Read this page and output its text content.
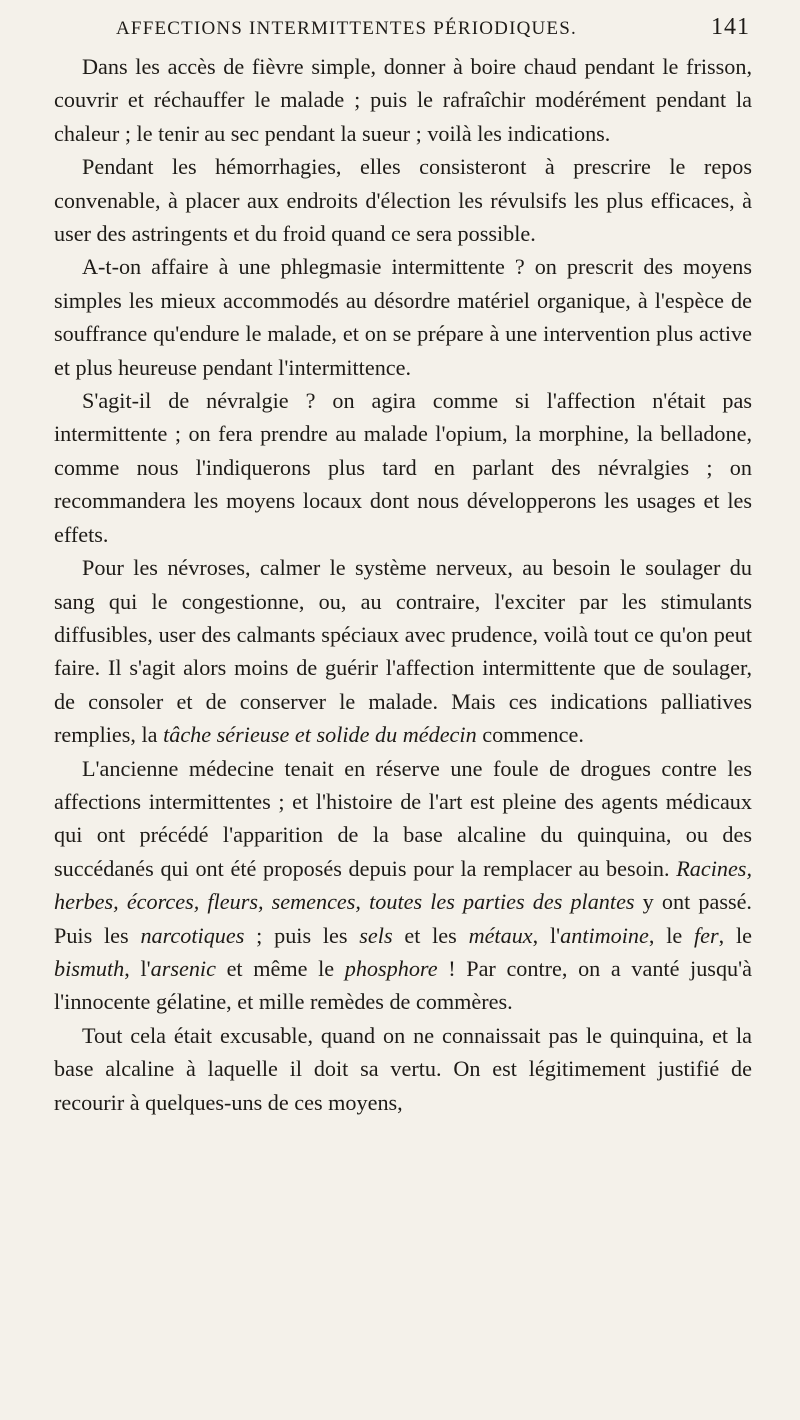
AFFECTIONS INTERMITTENTES PÉRIODIQUES.	141

Dans les accès de fièvre simple, donner à boire chaud pendant le frisson, couvrir et réchauffer le malade ; puis le rafraîchir modérément pendant la chaleur ; le tenir au sec pendant la sueur ; voilà les indications.

Pendant les hémorrhagies, elles consisteront à prescrire le repos convenable, à placer aux endroits d'élection les révulsifs les plus efficaces, à user des astringents et du froid quand ce sera possible.

A-t-on affaire à une phlegmasie intermittente ? on prescrit des moyens simples les mieux accommodés au désordre matériel organique, à l'espèce de souffrance qu'endure le malade, et on se prépare à une intervention plus active et plus heureuse pendant l'intermittence.

S'agit-il de névralgie ? on agira comme si l'affection n'était pas intermittente ; on fera prendre au malade l'opium, la morphine, la belladone, comme nous l'indiquerons plus tard en parlant des névralgies ; on recommandera les moyens locaux dont nous développerons les usages et les effets.

Pour les névroses, calmer le système nerveux, au besoin le soulager du sang qui le congestionne, ou, au contraire, l'exciter par les stimulants diffusibles, user des calmants spéciaux avec prudence, voilà tout ce qu'on peut faire. Il s'agit alors moins de guérir l'affection intermittente que de soulager, de consoler et de conserver le malade. Mais ces indications palliatives remplies, la tâche sérieuse et solide du médecin commence.

L'ancienne médecine tenait en réserve une foule de drogues contre les affections intermittentes ; et l'histoire de l'art est pleine des agents médicaux qui ont précédé l'apparition de la base alcaline du quinquina, ou des succédanés qui ont été proposés depuis pour la remplacer au besoin. Racines, herbes, écorces, fleurs, semences, toutes les parties des plantes y ont passé. Puis les narcotiques ; puis les sels et les métaux, l'antimoine, le fer, le bismuth, l'arsenic et même le phosphore ! Par contre, on a vanté jusqu'à l'innocente gélatine, et mille remèdes de commères.

Tout cela était excusable, quand on ne connaissait pas le quinquina, et la base alcaline à laquelle il doit sa vertu. On est légitimement justifié de recourir à quelques-uns de ces moyens,
